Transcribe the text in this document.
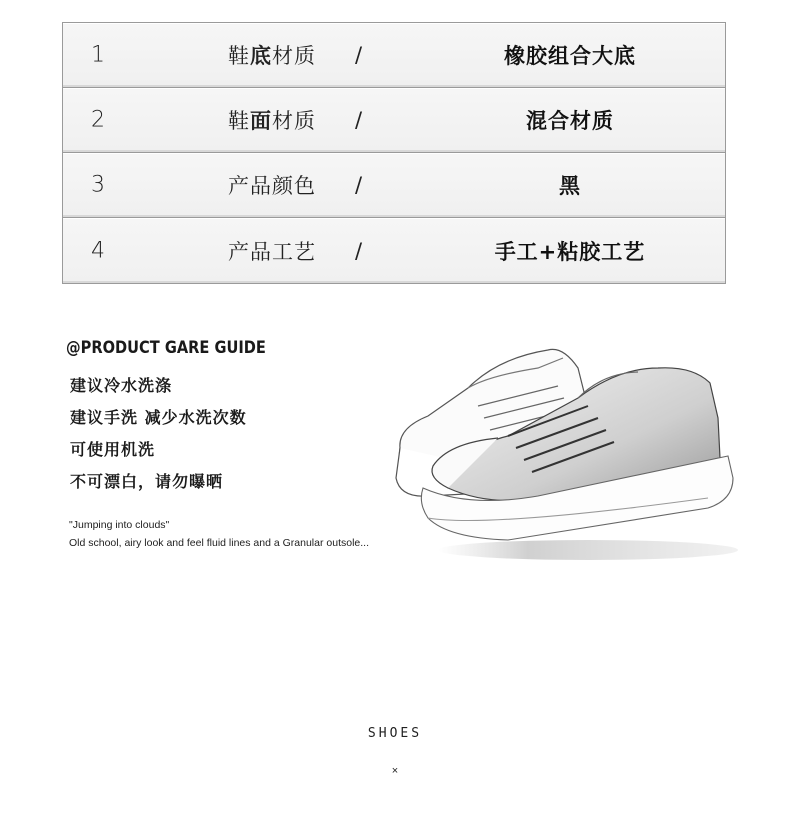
1	鞋底材质 /	橡胶组合大底
2	鞋面材质 /	混合材质
3	产品颜色 /	黑
4	产品工艺 /	手工+粘胶工艺
@PRODUCT GARE GUIDE
建议冷水洗涤
建议手洗 减少水洗次数
可使用机洗
不可漂白，请勿曝晒
"Jumping into clouds"
Old school, airy look and feel fluid lines and a Granular outsole...
SHOES
×
